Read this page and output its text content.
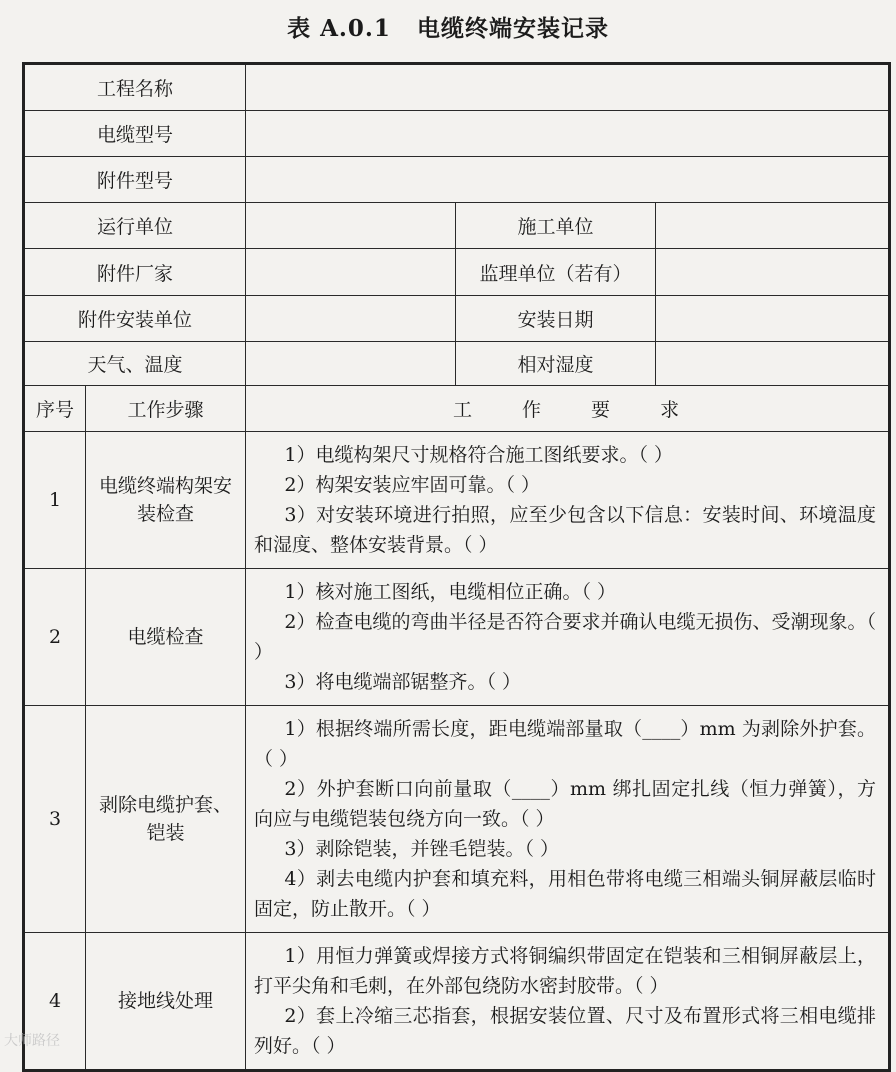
表 A.0.1 电缆终端安装记录
工程名称				
电缆型号				
附件型号				
运行单位			施工单位	
附件厂家			监理单位（若有）	
附件安装单位			安装日期	
天气、温度			相对湿度	
序号	工作步骤	工 作 要 求		
1	电缆终端构架安装检查	1）电缆构架尺寸规格符合施工图纸要求。（ ）

2）构架安装应牢固可靠。（ ）

3）对安装环境进行拍照，应至少包含以下信息：安装时间、环境温度和湿度、整体安装背景。（ ）		

2	电缆检查	1）核对施工图纸，电缆相位正确。（ ）

2）检查电缆的弯曲半径是否符合要求并确认电缆无损伤、受潮现象。（ ）

3）将电缆端部锯整齐。（ ）		

3	剥除电缆护套、铠装	1）根据终端所需长度，距电缆端部量取（____）mm 为剥除外护套。（ ）

2）外护套断口向前量取（____）mm 绑扎固定扎线（恒力弹簧），方向应与电缆铠装包绕方向一致。（ ）

3）剥除铠装，并锉毛铠装。（ ）

4）剥去电缆内护套和填充料，用相色带将电缆三相端头铜屏蔽层临时固定，防止散开。（ ）		

4	接地线处理	1）用恒力弹簧或焊接方式将铜编织带固定在铠装和三相铜屏蔽层上，打平尖角和毛刺，在外部包绕防水密封胶带。（ ）

2）套上冷缩三芯指套，根据安装位置、尺寸及布置形式将三相电缆排列好。（ ）		

大师路径
